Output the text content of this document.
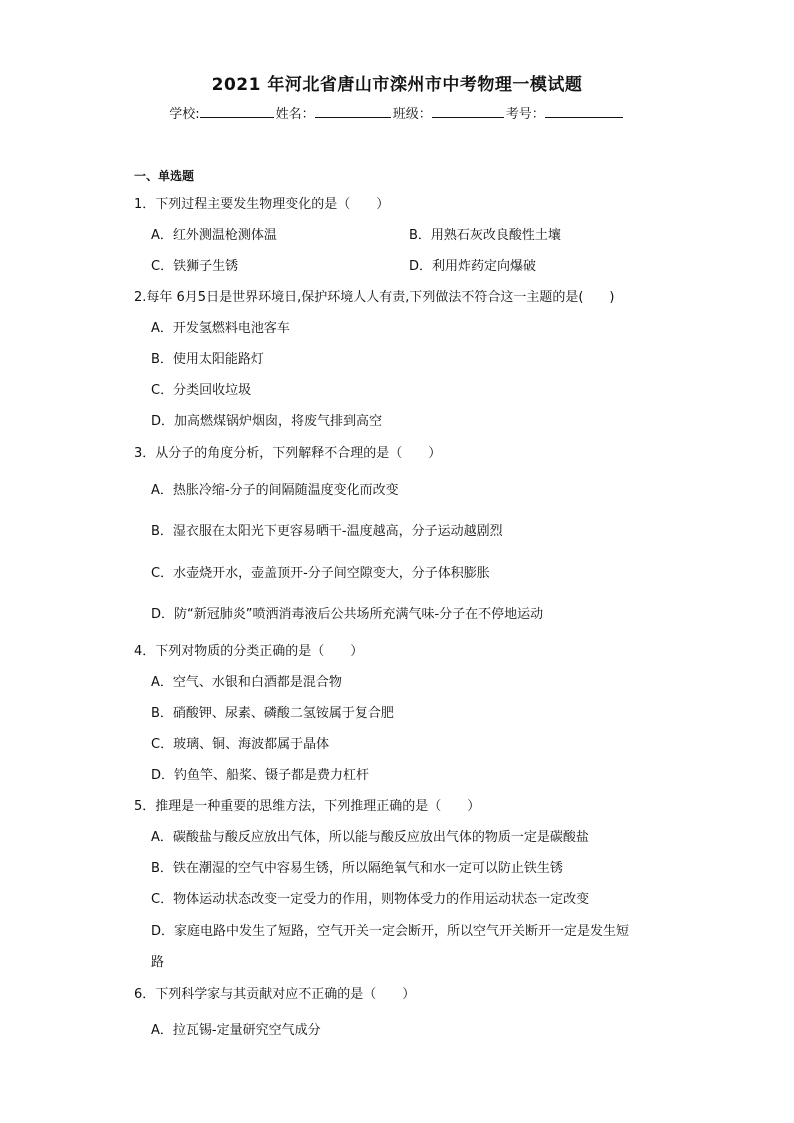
2021 年河北省唐山市滦州市中考物理一模试题
学校:	姓名：	班级：	考号：
一、单选题
1．下列过程主要发生物理变化的是（　　）
A．红外测温枪测体温	B．用熟石灰改良酸性土壤
C．铁狮子生锈	D．利用炸药定向爆破
2.每年 6月5日是世界环境日,保护环境人人有责,下列做法不符合这一主题的是(　　)
A．开发氢燃料电池客车
B．使用太阳能路灯
C．分类回收垃圾
D．加高燃煤锅炉烟囱，将废气排到高空
3．从分子的角度分析，下列解释不合理的是（　　）
A．热胀冷缩-分子的间隔随温度变化而改变
B．湿衣服在太阳光下更容易晒干-温度越高，分子运动越剧烈
C．水壶烧开水，壶盖顶开-分子间空隙变大，分子体积膨胀
D．防“新冠肺炎”喷洒消毒液后公共场所充满气味-分子在不停地运动
4．下列对物质的分类正确的是（　　）
A．空气、水银和白酒都是混合物
B．硝酸钾、尿素、磷酸二氢铵属于复合肥
C．玻璃、铜、海波都属于晶体
D．钓鱼竿、船桨、镊子都是费力杠杆
5．推理是一种重要的思维方法，下列推理正确的是（　　）
A．碳酸盐与酸反应放出气体，所以能与酸反应放出气体的物质一定是碳酸盐
B．铁在潮湿的空气中容易生锈，所以隔绝氧气和水一定可以防止铁生锈
C．物体运动状态改变一定受力的作用，则物体受力的作用运动状态一定改变
D．家庭电路中发生了短路，空气开关一定会断开，所以空气开关断开一定是发生短
路
6．下列科学家与其贡献对应不正确的是（　　）
A．拉瓦锡-定量研究空气成分
